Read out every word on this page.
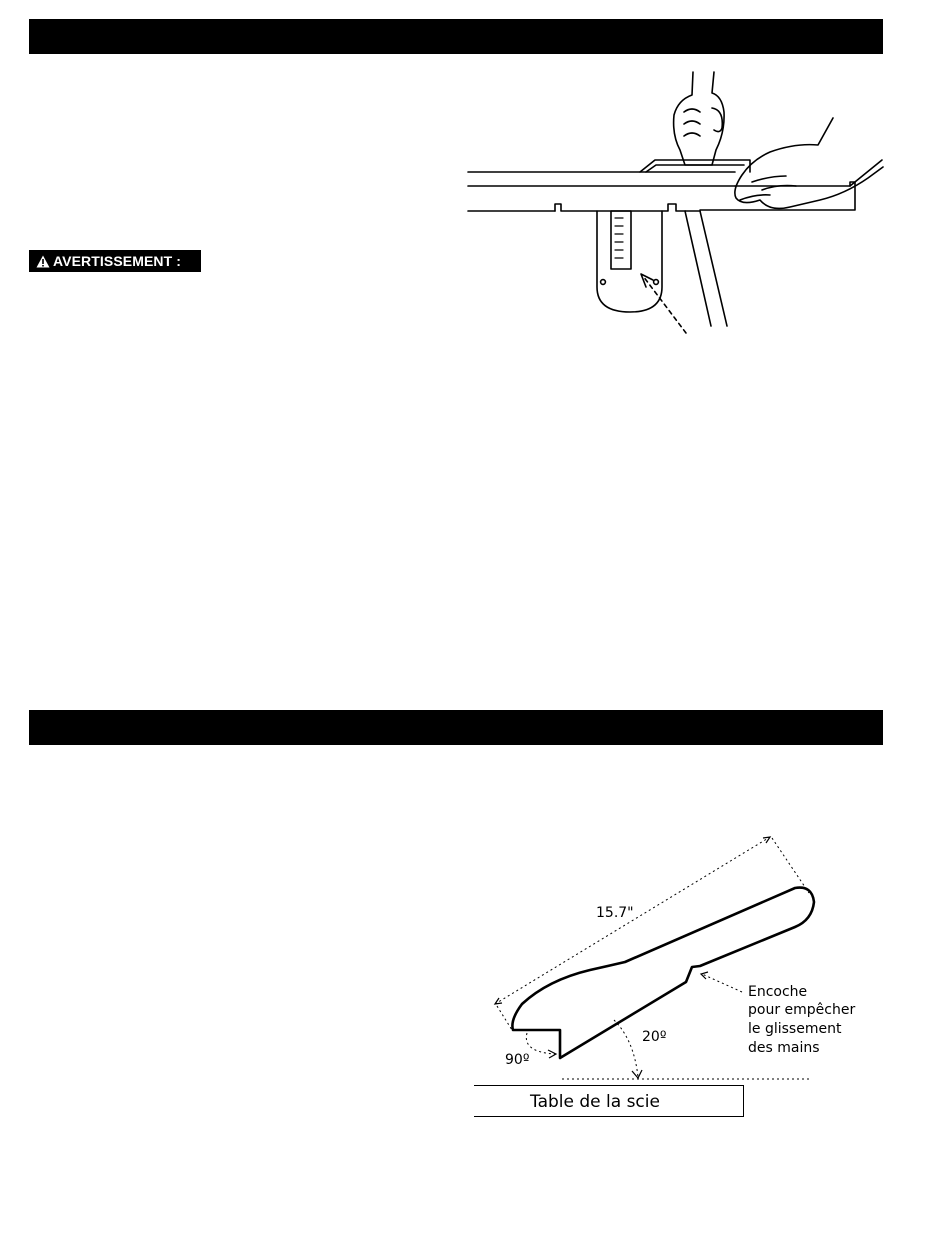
AVERTISSEMENT :
15.7"
20º
90º
Encoche
pour empêcher
le glissement
des mains
Table de la scie
